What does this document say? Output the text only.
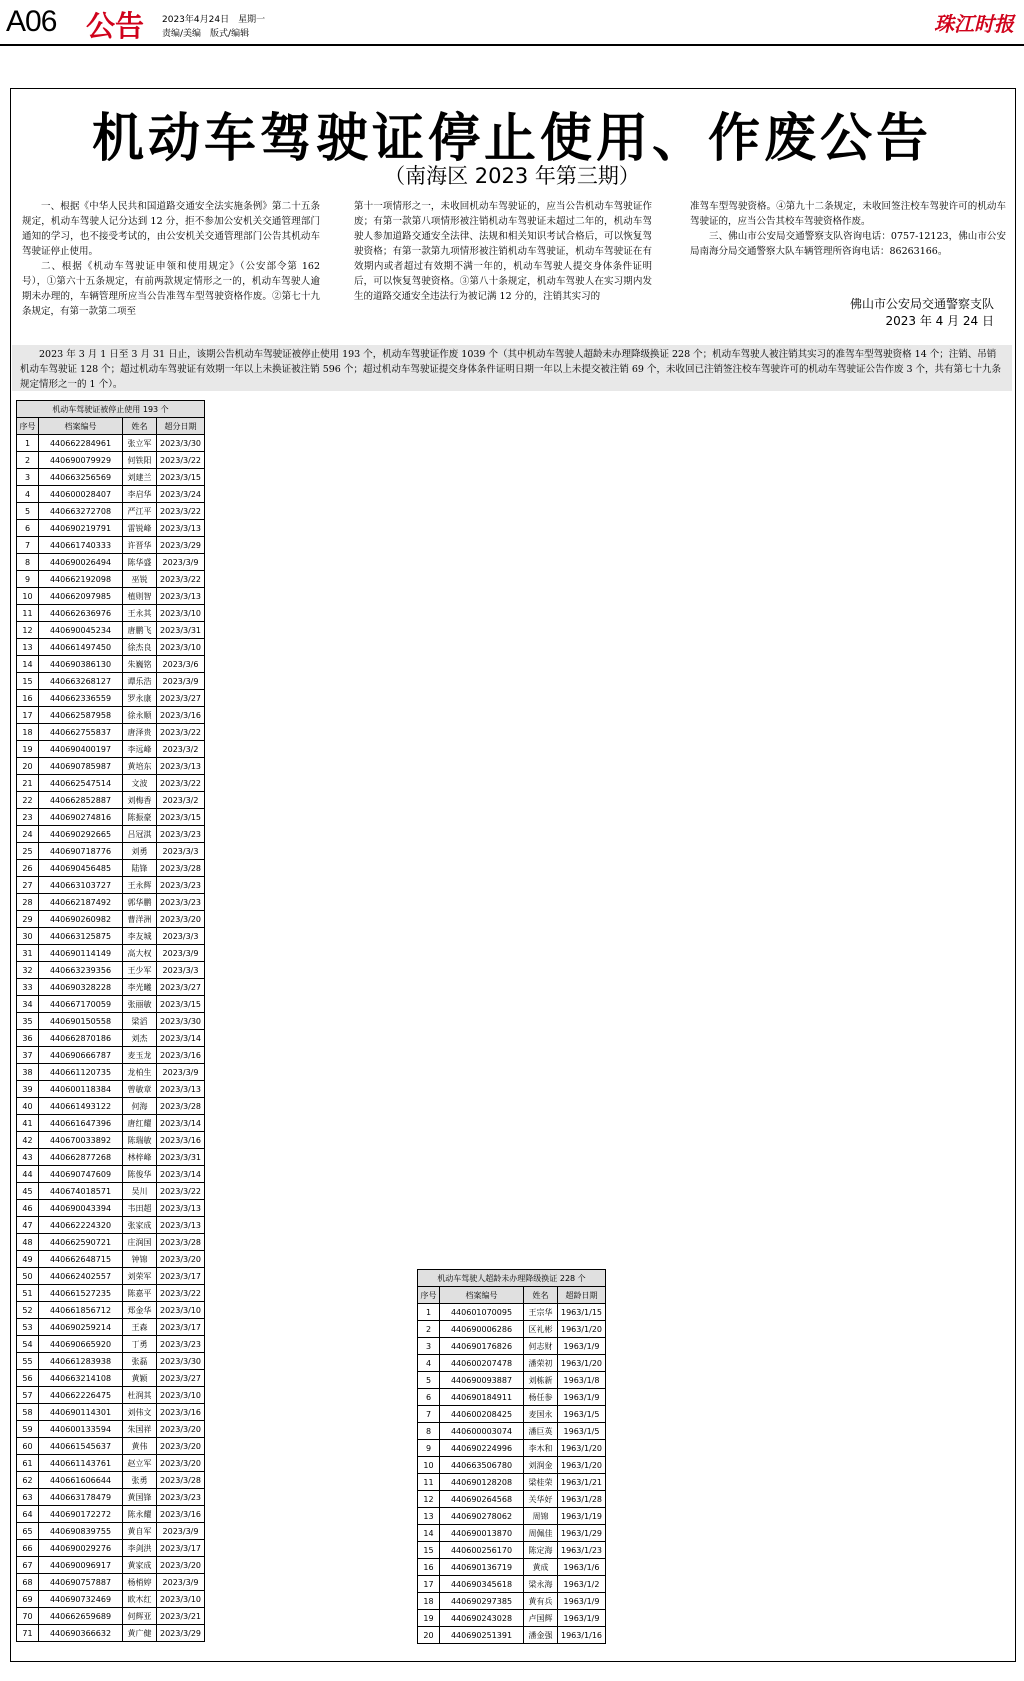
A06 公告 2023年4月24日　星期一
责编/美编　版式/编辑	珠江时报
机动车驾驶证停止使用、作废公告
（南海区 2023 年第三期）

一、根据《中华人民共和国道路交通安全法实施条例》第二十五条规定，机动车驾驶人记分达到 12 分，拒不参加公安机关交通管理部门通知的学习，也不接受考试的，由公安机关交通管理部门公告其机动车驾驶证停止使用。

二、根据《机动车驾驶证申领和使用规定》（公安部令第 162 号），①第六十五条规定，有前两款规定情形之一的，机动车驾驶人逾期未办理的，车辆管理所应当公告准驾车型驾驶资格作废。②第七十九条规定，有第一款第二项至

第十一项情形之一，未收回机动车驾驶证的，应当公告机动车驾驶证作废；有第一款第八项情形被注销机动车驾驶证未超过二年的，机动车驾驶人参加道路交通安全法律、法规和相关知识考试合格后，可以恢复驾驶资格；有第一款第九项情形被注销机动车驾驶证，机动车驾驶证在有效期内或者超过有效期不满一年的，机动车驾驶人提交身体条件证明后，可以恢复驾驶资格。③第八十条规定，机动车驾驶人在实习期内发生的道路交通安全违法行为被记满 12 分的，注销其实习的

准驾车型驾驶资格。④第九十二条规定，未收回签注校车驾驶许可的机动车驾驶证的，应当公告其校车驾驶资格作废。

三、佛山市公安局交通警察支队咨询电话：0757-12123，佛山市公安局南海分局交通警察大队车辆管理所咨询电话：86263166。

佛山市公安局交通警察支队
2023 年 4 月 24 日
2023 年 3 月 1 日至 3 月 31 日止，该期公告机动车驾驶证被停止使用 193 个，机动车驾驶证作废 1039 个（其中机动车驾驶人超龄未办理降级换证 228 个；机动车驾驶人被注销其实习的准驾车型驾驶资格 14 个；注销、吊销机动车驾驶证 128 个；超过机动车驾驶证有效期一年以上未换证被注销 596 个；超过机动车驾驶证提交身体条件证明日期一年以上未提交被注销 69 个，未收回已注销签注校车驾驶许可的机动车驾驶证公告作废 3 个，共有第七十九条规定情形之一的 1 个）。
机动车驾驶证被停止使用 193 个			
序号	档案编号	姓名	超分日期
1	440662284961	张立军	2023/3/30
2	440690079929	何铁阳	2023/3/22
3	440663256569	刘建兰	2023/3/15
4	440600028407	李启华	2023/3/24
5	440663272708	严江平	2023/3/22
6	440690219791	雷锐峰	2023/3/13
7	440661740333	许晋华	2023/3/29
8	440690026494	陈华盛	2023/3/9
9	440662192098	巫锐	2023/3/22
10	440662097985	植则智	2023/3/13
11	440662636976	王永其	2023/3/10
12	440690045234	唐鹏飞	2023/3/31
13	440661497450	徐杰良	2023/3/10
14	440690386130	朱巍铭	2023/3/6
15	440663268127	谭乐浩	2023/3/9
16	440662336559	罗永康	2023/3/27
17	440662587958	徐永顺	2023/3/16
18	440662755837	唐泽贵	2023/3/22
19	440690400197	李远峰	2023/3/2
20	440690785987	黄培东	2023/3/13
21	440662547514	文波	2023/3/22
22	440662852887	刘梅香	2023/3/2
23	440690274816	陈振豪	2023/3/15
24	440690292665	吕冠淇	2023/3/23
25	440690718776	刘勇	2023/3/3
26	440690456485	陆锋	2023/3/28
27	440663103727	王永辉	2023/3/23
28	440662187492	郭华鹏	2023/3/23
29	440690260982	曹洋洲	2023/3/20
30	440663125875	李友城	2023/3/3
31	440690114149	高大权	2023/3/9
32	440663239356	王少军	2023/3/3
33	440690328228	李光曦	2023/3/27
34	440667170059	张丽敏	2023/3/15
35	440690150558	梁滔	2023/3/30
36	440662870186	刘杰	2023/3/14
37	440690666787	麦玉龙	2023/3/16
38	440661120735	龙柏生	2023/3/9
39	440600118384	曾敏章	2023/3/13
40	440661493122	何海	2023/3/28
41	440661647396	唐红耀	2023/3/14
42	440670033892	陈瑞敏	2023/3/16
43	440662877268	林梓峰	2023/3/31
44	440690747609	陈俊华	2023/3/14
45	440674018571	吴川	2023/3/22
46	440690043394	韦田超	2023/3/13
47	440662224320	张家成	2023/3/13
48	440662590721	庄润国	2023/3/28
49	440662648715	钟锦	2023/3/20
50	440662402557	刘荣军	2023/3/17
51	440661527235	陈嘉平	2023/3/22
52	440661856712	郑金华	2023/3/10
53	440690259214	王森	2023/3/17
54	440690665920	丁勇	2023/3/23
55	440661283938	张磊	2023/3/30
56	440663214108	黄颖	2023/3/27
57	440662226475	杜润其	2023/3/10
58	440690114301	刘伟文	2023/3/16
59	440600133594	朱国祥	2023/3/20
60	440661545637	黄伟	2023/3/20
61	440661143761	赵立军	2023/3/20
62	440661606644	张勇	2023/3/28
63	440663178479	黄国锋	2023/3/23
64	440690172272	陈永耀	2023/3/16
65	440690839755	黄自军	2023/3/9
66	440690029276	李剑洪	2023/3/17
67	440690096917	黄家成	2023/3/20
68	440690757887	杨梢婷	2023/3/9
69	440690732469	欧木红	2023/3/10
70	440662659689	何辉亚	2023/3/21
71	440690366632	黄广健	2023/3/29
机动车驾驶人超龄未办理降级换证 228 个			
序号	档案编号	姓名	超龄日期
1	440601070095	王宗华	1963/1/15
2	440690006286	区礼彬	1963/1/20
3	440690176826	何志财	1963/1/9
4	440600207478	潘荣初	1963/1/20
5	440690093887	刘栋新	1963/1/8
6	440690184911	杨任参	1963/1/9
7	440600208425	麦国永	1963/1/5
8	440600003074	潘巨英	1963/1/5
9	440690224996	李木和	1963/1/20
10	440663506780	刘润金	1963/1/20
11	440690128208	梁桂荣	1963/1/21
12	440690264568	关华好	1963/1/28
13	440690278062	周锦	1963/1/19
14	440690013870	周佩佳	1963/1/29
15	440600256170	陈定海	1963/1/23
16	440690136719	黄成	1963/1/6
17	440690345618	梁永海	1963/1/2
18	440690297385	黄有兵	1963/1/9
19	440690243028	卢国辉	1963/1/9
20	440690251391	潘金强	1963/1/16
